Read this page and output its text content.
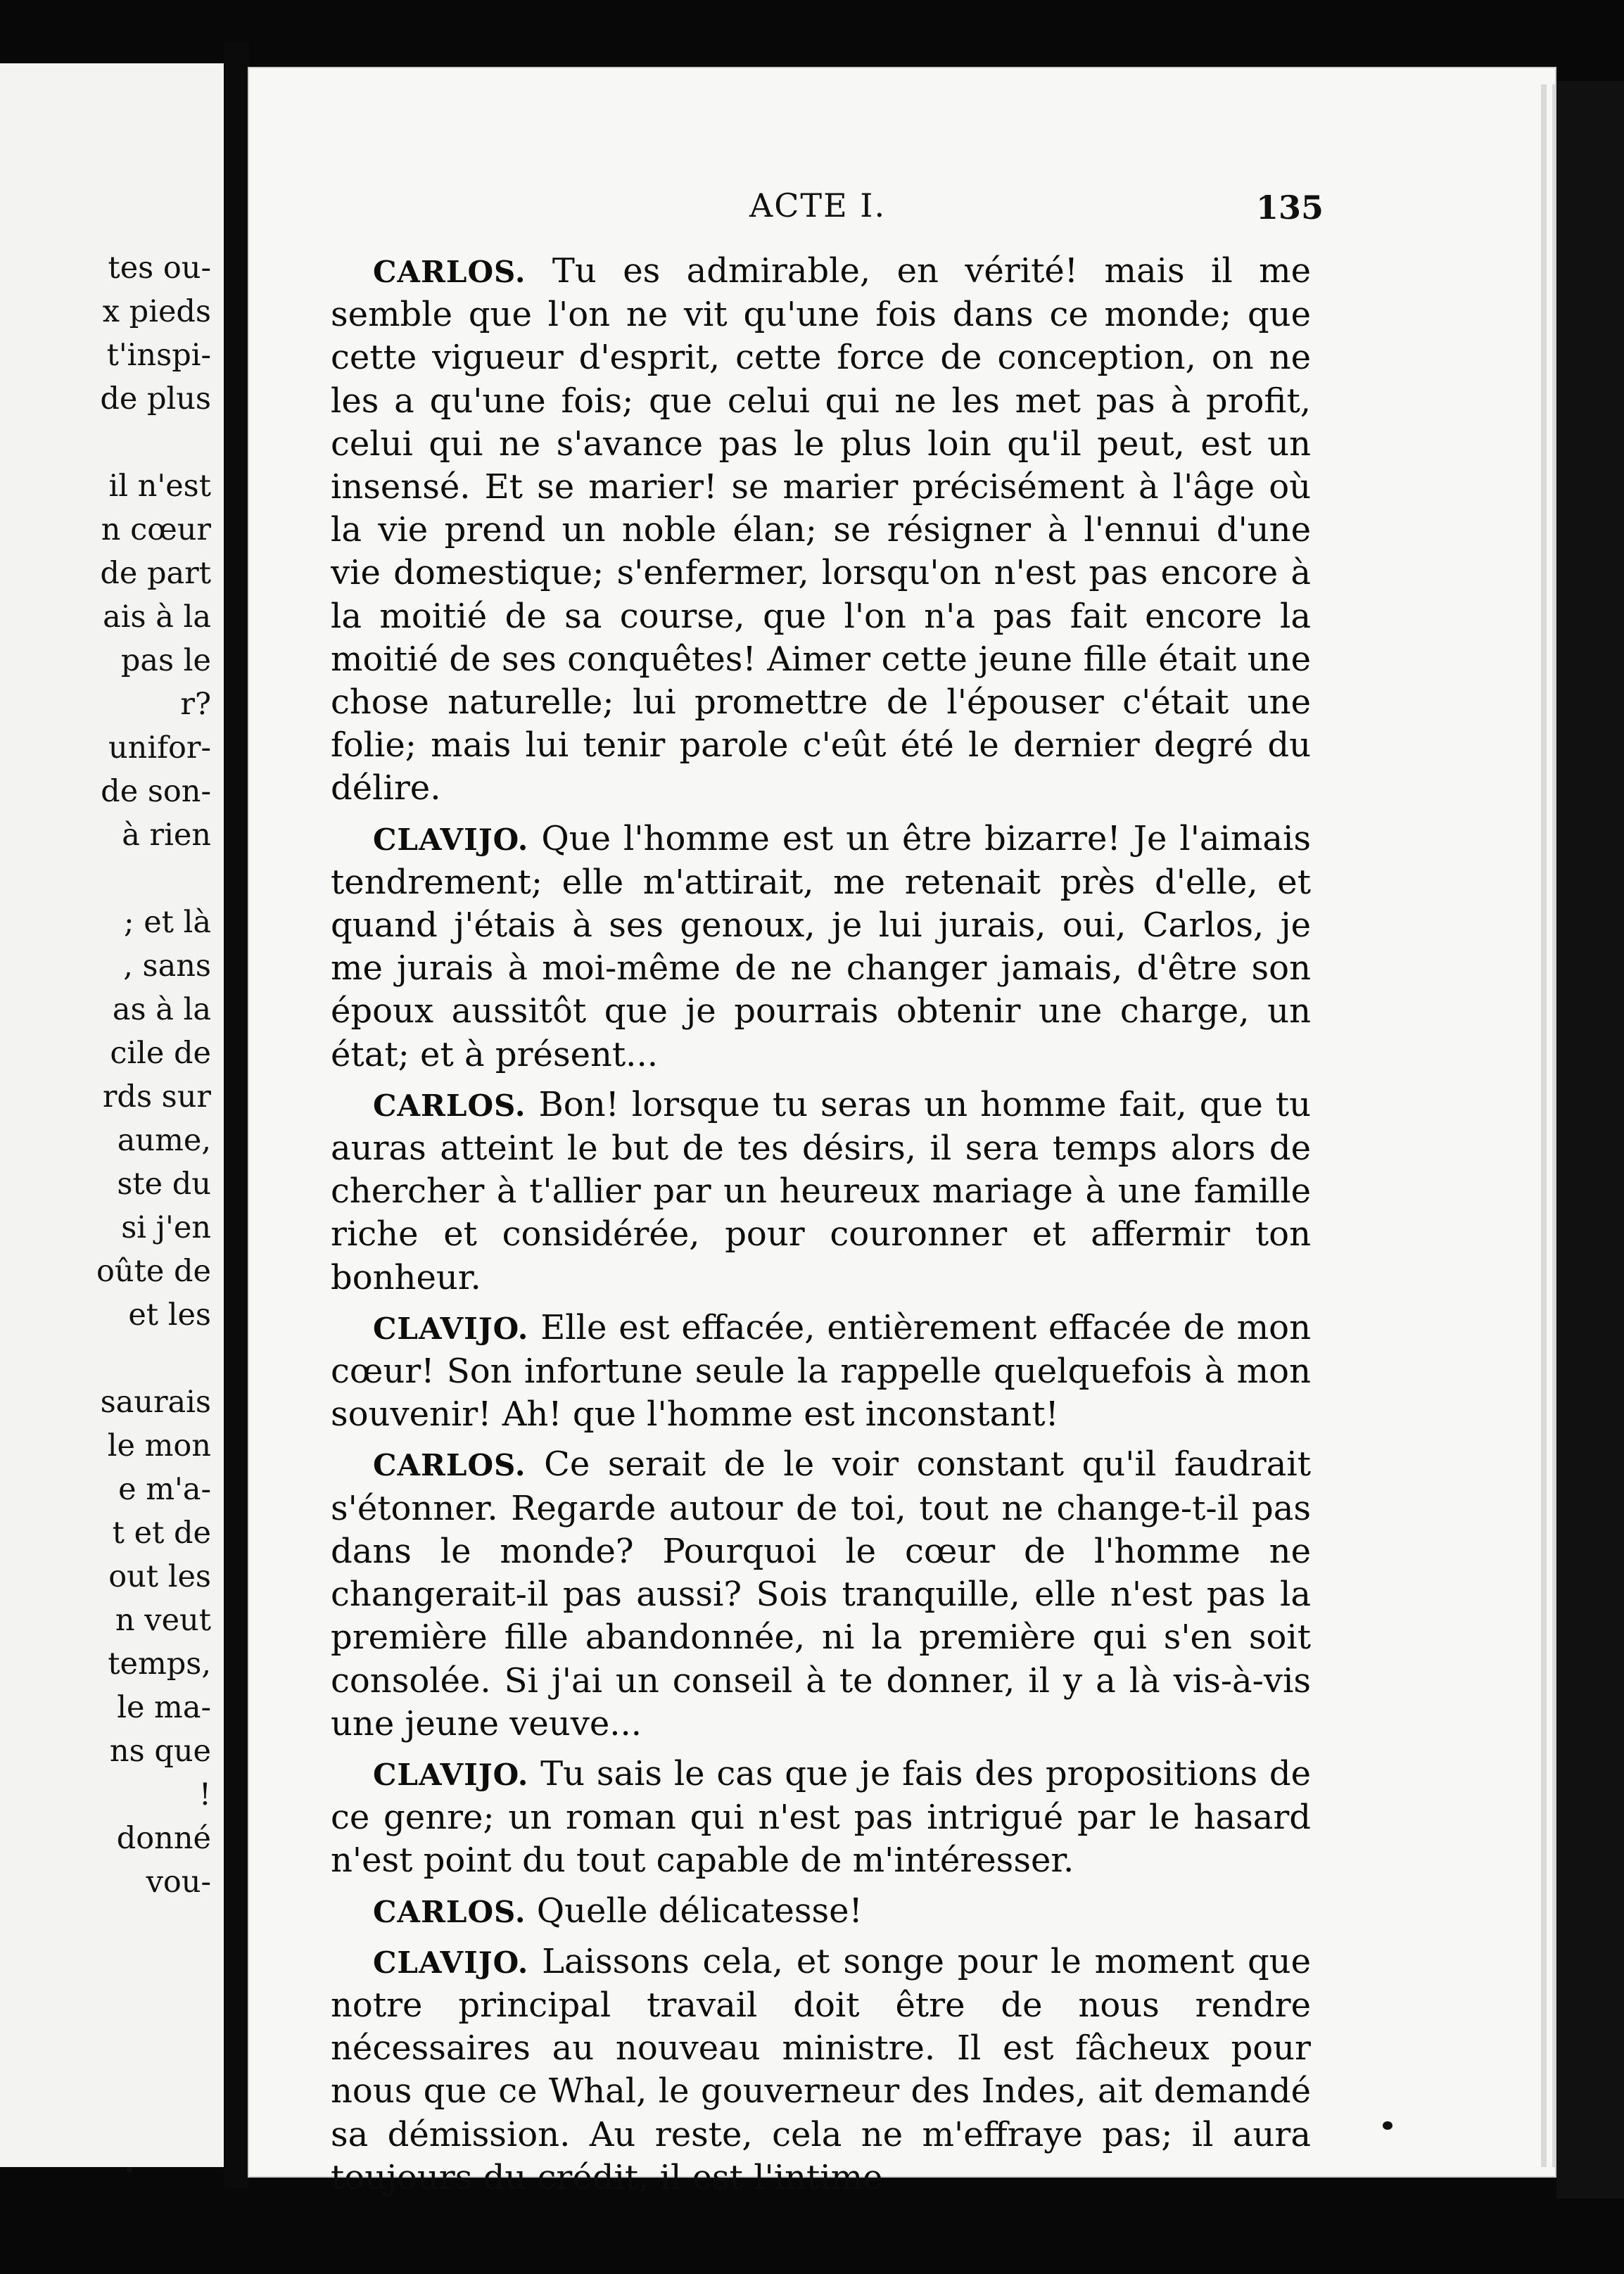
tes ou-
x pieds
t'inspi-
de plus
il n'est
n cœur
de part
ais à la
pas le
r?
unifor-
de son-
à rien
; et là
, sans
as à la
cile de
rds sur
aume,
ste du
si j'en
oûte de
et les
saurais
le mon
e m'a-
t et de
out les
n veut
temps,
le ma-
ns que
!
donné
vou-
ACTE I.	135

CARLOS. Tu es admirable, en vérité! mais il me semble que l'on ne vit qu'une fois dans ce monde; que cette vigueur d'esprit, cette force de conception, on ne les a qu'une fois; que celui qui ne les met pas à profit, celui qui ne s'avance pas le plus loin qu'il peut, est un insensé. Et se marier! se marier précisément à l'âge où la vie prend un noble élan; se résigner à l'ennui d'une vie domestique; s'enfermer, lorsqu'on n'est pas encore à la moitié de sa course, que l'on n'a pas fait encore la moitié de ses conquêtes! Aimer cette jeune fille était une chose naturelle; lui promettre de l'épouser c'était une folie; mais lui tenir parole c'eût été le dernier degré du délire.

CLAVIJO. Que l'homme est un être bizarre! Je l'aimais tendrement; elle m'attirait, me retenait près d'elle, et quand j'étais à ses genoux, je lui jurais, oui, Carlos, je me jurais à moi-même de ne changer jamais, d'être son époux aussitôt que je pourrais obtenir une charge, un état; et à présent...

CARLOS. Bon! lorsque tu seras un homme fait, que tu auras atteint le but de tes désirs, il sera temps alors de chercher à t'allier par un heureux mariage à une famille riche et considérée, pour couronner et affermir ton bonheur.

CLAVIJO. Elle est effacée, entièrement effacée de mon cœur! Son infortune seule la rappelle quelquefois à mon souvenir! Ah! que l'homme est inconstant!

CARLOS. Ce serait de le voir constant qu'il faudrait s'étonner. Regarde autour de toi, tout ne change-t-il pas dans le monde? Pourquoi le cœur de l'homme ne changerait-il pas aussi? Sois tranquille, elle n'est pas la première fille abandonnée, ni la première qui s'en soit consolée. Si j'ai un conseil à te donner, il y a là vis-à-vis une jeune veuve...

CLAVIJO. Tu sais le cas que je fais des propositions de ce genre; un roman qui n'est pas intrigué par le hasard n'est point du tout capable de m'intéresser.

CARLOS. Quelle délicatesse!

CLAVIJO. Laissons cela, et songe pour le moment que notre principal travail doit être de nous rendre nécessaires au nouveau ministre. Il est fâcheux pour nous que ce Whal, le gouverneur des Indes, ait demandé sa démission. Au reste, cela ne m'effraye pas; il aura toujours du crédit, il est l'intime
